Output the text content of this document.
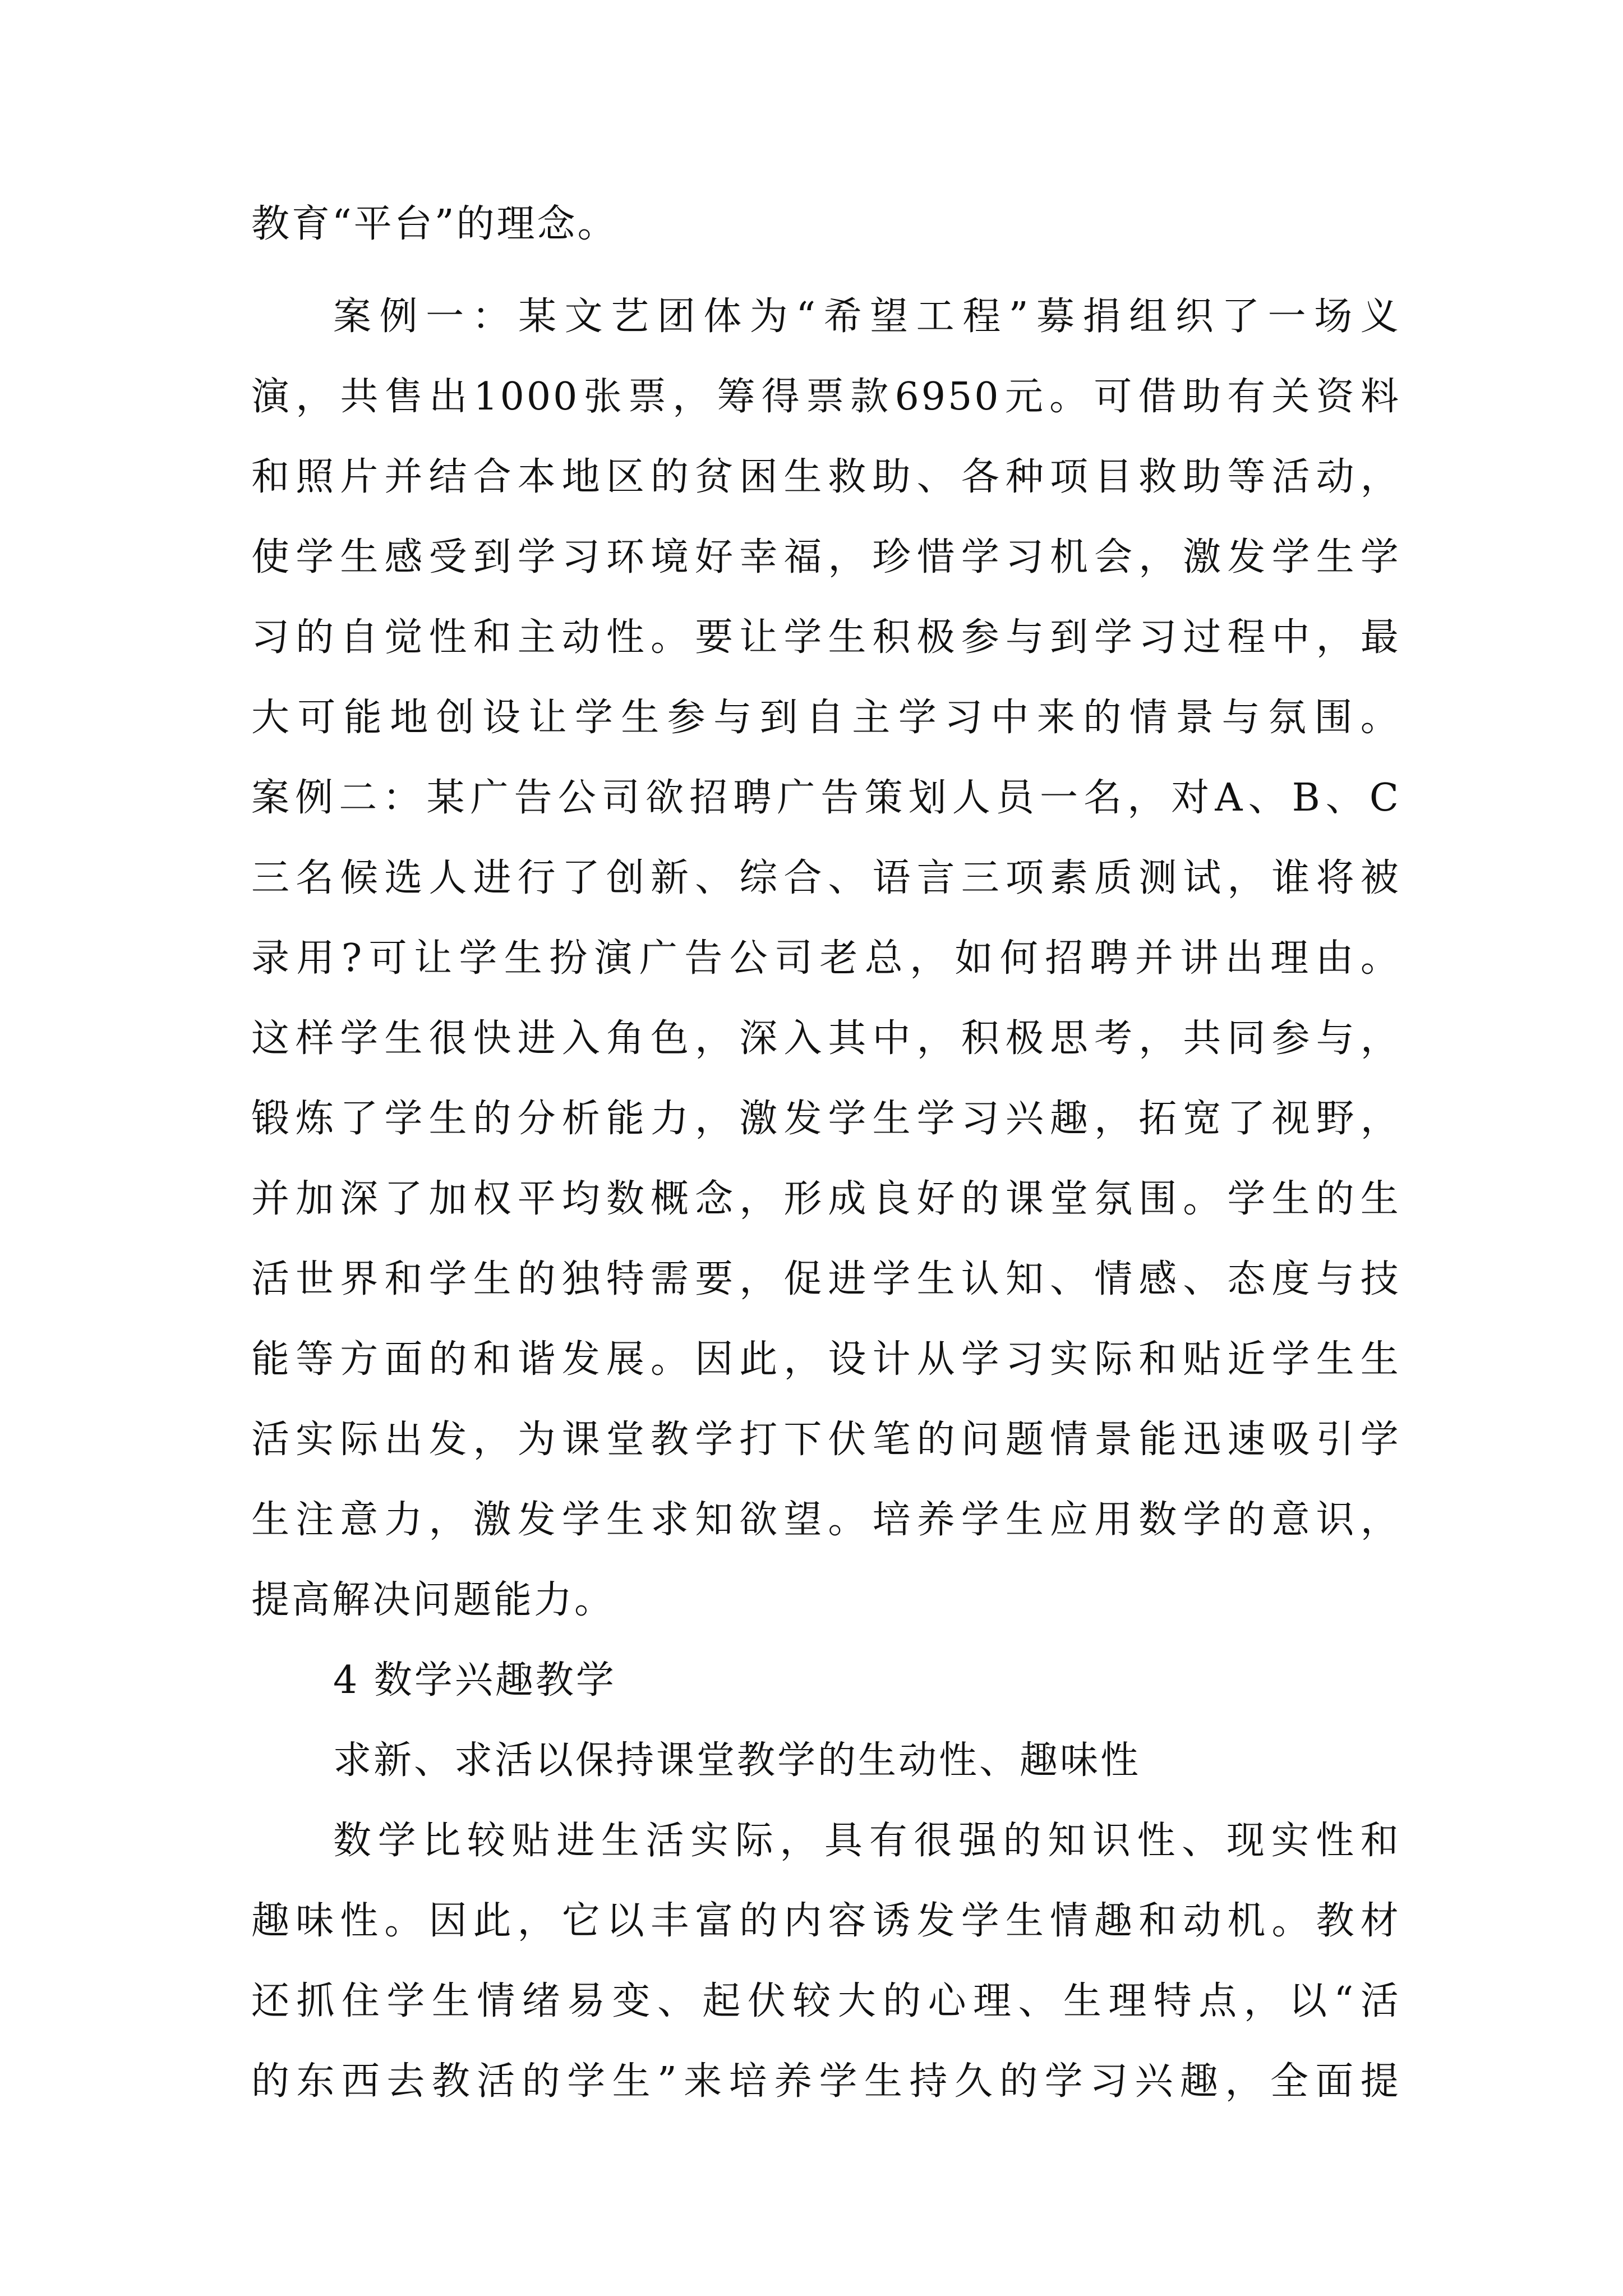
教育“平台”的理念。
案 例 一 ： 某 文 艺 团 体 为 “ 希 望 工 程 ” 募 捐 组 织 了 一 场 义
演 ， 共 售 出 1000 张 票 ， 筹 得 票 款 6950 元 。 可 借 助 有 关 资 料
和 照 片 并 结 合 本 地 区 的 贫 困 生 救 助 、 各 种 项 目 救 助 等 活 动 ，
使 学 生 感 受 到 学 习 环 境 好 幸 福 ， 珍 惜 学 习 机 会 ， 激 发 学 生 学
习 的 自 觉 性 和 主 动 性 。 要 让 学 生 积 极 参 与 到 学 习 过 程 中 ， 最
大 可 能 地 创 设 让 学 生 参 与 到 自 主 学 习 中 来 的 情 景 与 氛 围 。
案 例 二 ： 某 广 告 公 司 欲 招 聘 广 告 策 划 人 员 一 名 ， 对 A 、 B 、 C
三 名 候 选 人 进 行 了 创 新 、 综 合 、 语 言 三 项 素 质 测 试 ， 谁 将 被
录 用 ? 可 让 学 生 扮 演 广 告 公 司 老 总 ， 如 何 招 聘 并 讲 出 理 由 。
这 样 学 生 很 快 进 入 角 色 ， 深 入 其 中 ， 积 极 思 考 ， 共 同 参 与 ，
锻 炼 了 学 生 的 分 析 能 力 ， 激 发 学 生 学 习 兴 趣 ， 拓 宽 了 视 野 ，
并 加 深 了 加 权 平 均 数 概 念 ， 形 成 良 好 的 课 堂 氛 围 。 学 生 的 生
活 世 界 和 学 生 的 独 特 需 要 ， 促 进 学 生 认 知 、 情 感 、 态 度 与 技
能 等 方 面 的 和 谐 发 展 。 因 此 ， 设 计 从 学 习 实 际 和 贴 近 学 生 生
活 实 际 出 发 ， 为 课 堂 教 学 打 下 伏 笔 的 问 题 情 景 能 迅 速 吸 引 学
生 注 意 力 ， 激 发 学 生 求 知 欲 望 。 培 养 学 生 应 用 数 学 的 意 识 ，
提高解决问题能力。
4 数学兴趣教学
求新、求活以保持课堂教学的生动性、趣味性
数 学 比 较 贴 进 生 活 实 际 ， 具 有 很 强 的 知 识 性 、 现 实 性 和
趣 味 性 。 因 此 ， 它 以 丰 富 的 内 容 诱 发 学 生 情 趣 和 动 机 。 教 材
还 抓 住 学 生 情 绪 易 变 、 起 伏 较 大 的 心 理 、 生 理 特 点 ， 以 “ 活
的 东 西 去 教 活 的 学 生 ” 来 培 养 学 生 持 久 的 学 习 兴 趣 ， 全 面 提
